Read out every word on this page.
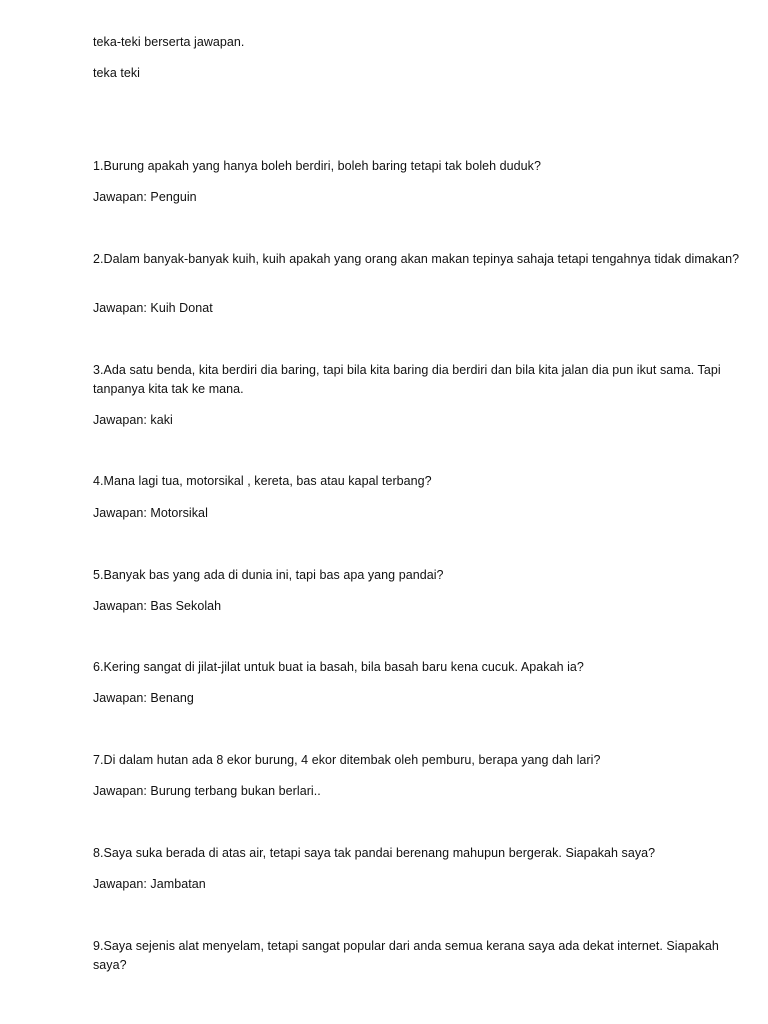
teka-teki berserta jawapan.
teka teki
1.Burung apakah yang hanya boleh berdiri, boleh baring tetapi tak boleh duduk?
Jawapan: Penguin
2.Dalam banyak-banyak kuih, kuih apakah yang orang akan makan tepinya sahaja tetapi tengahnya tidak dimakan?
Jawapan: Kuih Donat
3.Ada satu benda, kita berdiri dia baring, tapi bila kita baring dia berdiri dan bila kita jalan dia pun ikut sama. Tapi tanpanya kita tak ke mana.
Jawapan: kaki
4.Mana lagi tua, motorsikal , kereta, bas atau kapal terbang?
Jawapan: Motorsikal
5.Banyak bas yang ada di dunia ini, tapi bas apa yang pandai?
Jawapan: Bas Sekolah
6.Kering sangat di jilat-jilat untuk buat ia basah, bila basah baru kena cucuk. Apakah ia?
Jawapan: Benang
7.Di dalam hutan ada 8 ekor burung, 4 ekor ditembak oleh pemburu, berapa yang dah lari?
Jawapan: Burung terbang bukan berlari..
8.Saya suka berada di atas air, tetapi saya tak pandai berenang mahupun bergerak. Siapakah saya?
Jawapan: Jambatan
9.Saya sejenis alat menyelam, tetapi sangat popular dari anda semua kerana saya ada dekat internet. Siapakah saya?
